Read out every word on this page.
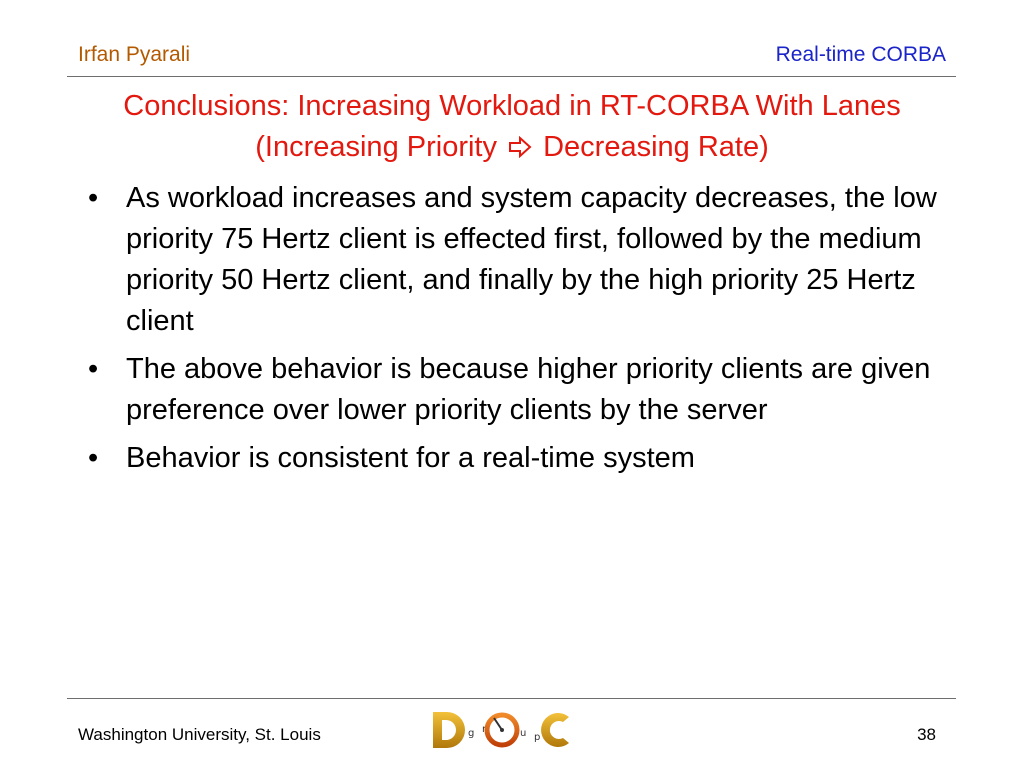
Irfan Pyarali	Real-time CORBA
Conclusions: Increasing Workload in RT-CORBA With Lanes
(Increasing Priority Decreasing Rate)
• As workload increases and system capacity decreases, the low priority 75 Hertz client is effected first, followed by the medium priority 50 Hertz client, and finally by the high priority 25 Hertz client
• The above behavior is because higher priority clients are given preference over lower priority clients by the server
• Behavior is consistent for a real-time system
Washington University, St. Louis	g r	u p	38
